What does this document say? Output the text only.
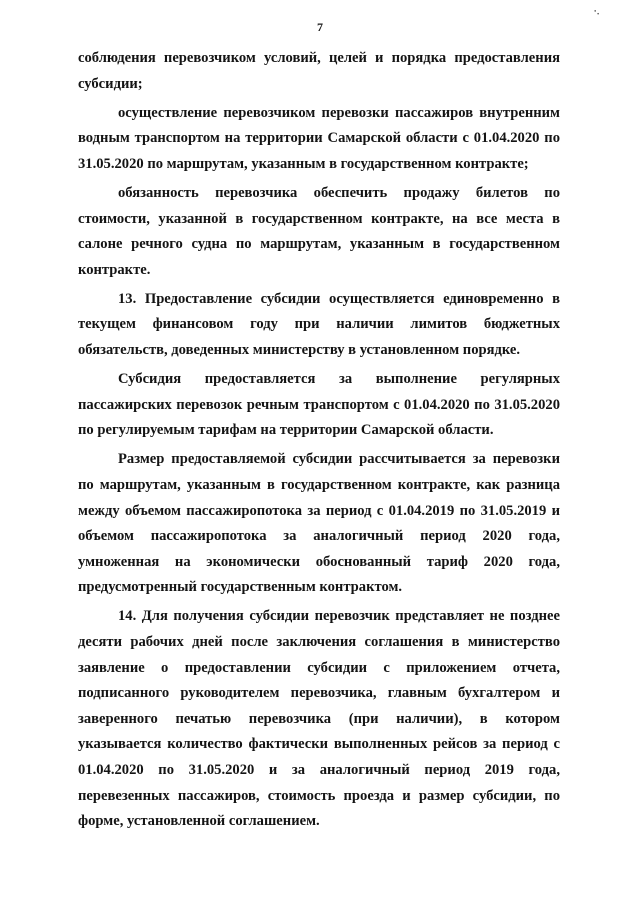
7
⠑

соблюдения перевозчиком условий, целей и порядка предоставления субсидии;

осуществление перевозчиком перевозки пассажиров внутренним водным транспортом на территории Самарской области с 01.04.2020 по 31.05.2020 по маршрутам, указанным в государственном контракте;

обязанность перевозчика обеспечить продажу билетов по стоимости, указанной в государственном контракте, на все места в салоне речного судна по маршрутам, указанным в государственном контракте.

13. Предоставление субсидии осуществляется единовременно в текущем финансовом году при наличии лимитов бюджетных обязательств, доведенных министерству в установленном порядке.

Субсидия предоставляется за выполнение регулярных пассажирских перевозок речным транспортом с 01.04.2020 по 31.05.2020 по регулируемым тарифам на территории Самарской области.

Размер предоставляемой субсидии рассчитывается за перевозки по маршрутам, указанным в государственном контракте, как разница между объемом пассажиропотока за период с 01.04.2019 по 31.05.2019 и объемом пассажиропотока за аналогичный период 2020 года, умноженная на экономически обоснованный тариф 2020 года, предусмотренный государственным контрактом.

14. Для получения субсидии перевозчик представляет не позднее десяти рабочих дней после заключения соглашения в министерство заявление о предоставлении субсидии с приложением отчета, подписанного руководителем перевозчика, главным бухгалтером и заверенного печатью перевозчика (при наличии), в котором указывается количество фактически выполненных рейсов за период с 01.04.2020 по 31.05.2020 и за аналогичный период 2019 года, перевезенных пассажиров, стоимость проезда и размер субсидии, по форме, установленной соглашением.
